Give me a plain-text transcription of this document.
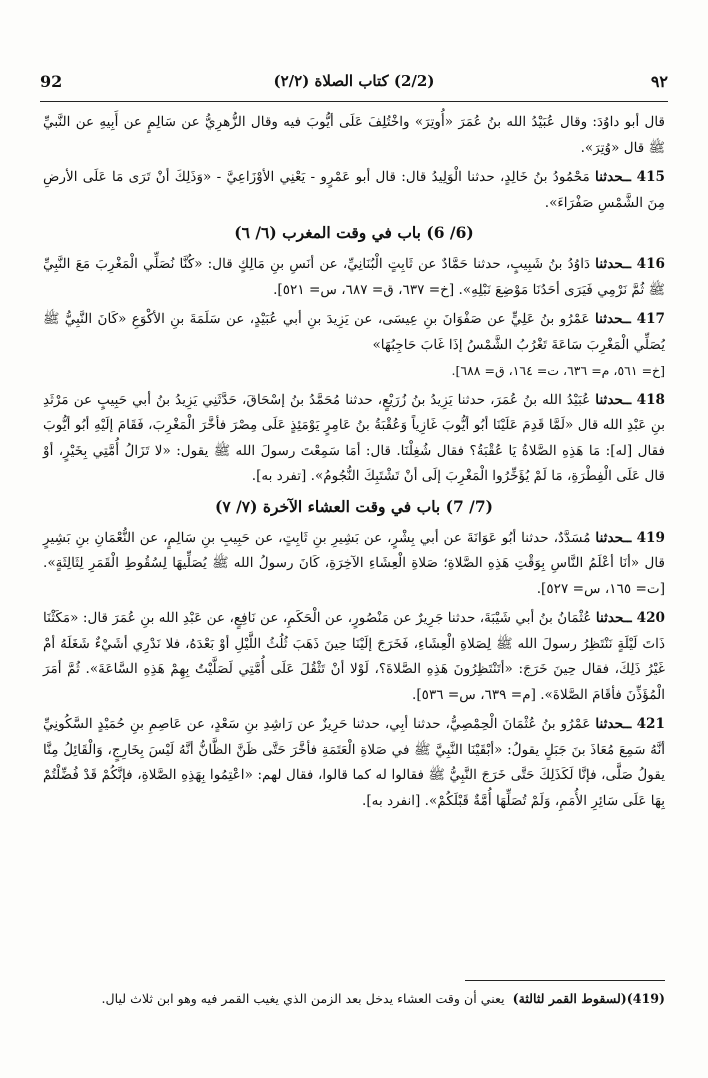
٩٢
(2/2) كتاب الصلاة (٢/٢)
92

قال أبو داوُدَ: وقال عُبَيْدُ الله بنُ عُمَرَ «أُوتِرَ» واخْتُلِفَ عَلَى أيُّوبَ فيه وقال الزُّهرِيُّ عن سَالِمٍ عن أَبِيهِ عن النَّبيِّ ﷺ قال «وُتِرَ».

415 ــحدثنا مَحْمُودُ بنُ خَالِدٍ، حدثنا الْوَلِيدُ قال: قال أبو عَمْرٍو - يَعْنِي الأوْزَاعِيَّ - «وَذَلِكَ أنْ تَرَى مَا عَلَى الأرضِ مِنَ الشَّمْسِ صَفْرَاءَ».

(6/ 6) باب في وقت المغرب (٦/ ٦)

416 ــحدثنا دَاوُدُ بنُ شَبِيبٍ، حدثنا حَمَّادٌ عن ثَابِتٍ الْبُنَانِيِّ، عن أنَسِ بنِ مَالِكٍ قال: «كُنَّا نُصَلِّي الْمَغْرِبَ مَعَ النَّبِيِّ ﷺ ثُمَّ نَرْمِي فَيَرَى أحَدُنَا مَوْضِعَ نَبْلِهِ». [خ= ٦٣٧، ق= ٦٨٧، س= ٥٢١].

417 ــحدثنا عَمْرُو بنُ عَلِيٍّ عن صَفْوَانَ بنِ عِيسَى، عن يَزِيدَ بنِ أبي عُبَيْدٍ، عن سَلَمَةَ بنِ الأكْوَعِ «كَانَ النَّبِيُّ ﷺ يُصَلِّي الْمَغْرِبَ سَاعَةَ تَغْرُبُ الشَّمْسُ إذَا غَابَ حَاجِبُهَا»

[خ= ٥٦١، م= ٦٣٦، ت= ١٦٤، ق= ٦٨٨].

418 ــحدثنا عُبَيْدُ الله بنُ عُمَرَ، حدثنا يَزِيدُ بنُ زُرَيْعٍ، حدثنا مُحَمَّدُ بنُ إسْحَاقَ، حَدَّثَنِي يَزِيدُ بنُ أبي حَبِيبٍ عن مَرْثَدِ بنِ عَبْدِ الله قال «لَمَّا قَدِمَ عَلَيْنَا أبُو أيُّوبَ غَازِياً وَعُقْبَةُ بنُ عَامِرٍ يَوْمَئِذٍ عَلَى مِصْرَ فأخَّرَ الْمَغْرِبَ، فَقَامَ إلَيْهِ أبُو أيُّوبَ فقال [له]: مَا هَذِهِ الصَّلاةُ يَا عُقْبَةُ؟ فقال شُغِلْنَا. قال: أمَا سَمِعْتَ رسولَ الله ﷺ يقول: «لا تَزَالُ أُمَّتِي بِخَيْرٍ، أوْ قال عَلَى الْفِطْرَةِ، مَا لَمْ يُؤَخِّرُوا الْمَغْرِبَ إلَى أنْ تَشْتَبِكَ النُّجُومُ». [تفرد به].

(7/ 7) باب في وقت العشاء الآخرة (٧/ ٧)

419 ــحدثنا مُسَدَّدٌ، حدثنا أبُو عَوَانَةَ عن أبي بِشْرٍ، عن بَشِيرِ بنِ ثَابِتٍ، عن حَبِيبِ بنِ سَالِمٍ، عن النُّعْمَانِ بنِ بَشِيرٍ قال «أنَا أعْلَمُ النَّاسِ بِوَقْتِ هَذِهِ الصَّلاةِ؛ صَلاةِ الْعِشَاءِ الآخِرَةِ، كَانَ رسولُ الله ﷺ يُصَلِّيهَا لِسُقُوطِ الْقَمَرِ لِثَالِثَةٍ». [ت= ١٦٥، س= ٥٢٧].

420 ــحدثنا عُثْمَانُ بنُ أبي شَيْبَةَ، حدثنا جَرِيرٌ عن مَنْصُورٍ، عن الْحَكَمِ، عن نَافِعٍ، عن عَبْدِ الله بنِ عُمَرَ قال: «مَكَثْنَا ذَاتَ لَيْلَةٍ نَنْتَظِرُ رسولَ الله ﷺ لِصَلاةِ الْعِشَاءِ، فَخَرَجَ إلَيْنَا حِينَ ذَهَبَ ثُلُثُ اللَّيْلِ أوْ بَعْدَهُ، فلا نَدْرِي أشَيْءٌ شَغَلَهُ أمْ غَيْرُ ذَلِكَ، فقال حِينَ خَرَجَ: «أتَنْتَظِرُونَ هَذِهِ الصَّلاةَ؟، لَوْلا أنْ تَثْقُلَ عَلَى أُمَّتِي لَصَلَّيْتُ بِهِمْ هَذِهِ السَّاعَةَ». ثُمَّ أمَرَ الْمُؤَذِّنَ فأقَامَ الصَّلاةَ». [م= ٦٣٩، س= ٥٣٦].

421 ــحدثنا عَمْرُو بنُ عُثْمَانَ الْحِمْصِيُّ، حدثنا أبِي، حدثنا حَرِيزٌ عن رَاشِدِ بنِ سَعْدٍ، عن عَاصِمِ بنِ حُمَيْدٍ السَّكُونِيِّ أنَّهُ سَمِعَ مُعَاذَ بنَ جَبَلٍ يقولُ: «أبْقَيْنَا النَّبِيَّ ﷺ في صَلاةِ الْعَتَمَةِ فأخَّرَ حَتَّى ظَنَّ الظَّانُّ أنَّهُ لَيْسَ بِخَارِجٍ، وَالْقَائِلُ مِنَّا يقولُ صَلَّى، فإنَّا لَكَذَلِكَ حَتَّى خَرَجَ النَّبِيُّ ﷺ فقالوا له كما قالوا، فقال لهم: «اعْتِمُوا بِهَذِهِ الصَّلاةِ، فإنَّكُمْ قَدْ فُضِّلْتُمْ بِهَا عَلَى سَائِرِ الأُمَمِ، وَلَمْ تُصَلِّهَا أُمَّةٌ قَبْلَكُمْ». [انفرد به].

(419)(لسقوط القمر لثالثة)  يعني أن وقت العشاء يدخل بعد الزمن الذي يغيب القمر فيه وهو ابن ثلاث ليال.
